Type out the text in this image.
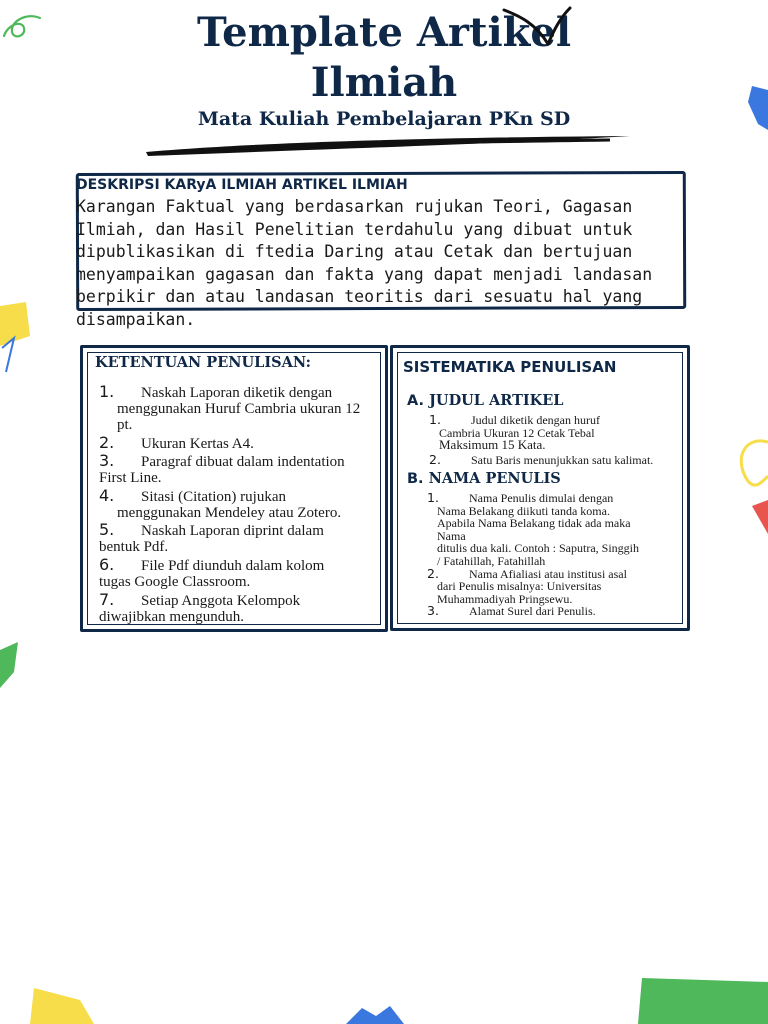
Template Artikel
Ilmiah

Mata Kuliah Pembelajaran PKn SD

DESKRIPSI KARyA ILMIAH ARTIKEL ILMIAH

Karangan Faktual yang berdasarkan rujukan Teori, Gagasan
Ilmiah, dan Hasil Penelitian terdahulu yang dibuat untuk
dipublikasikan di ftedia Daring atau Cetak dan bertujuan
menyampaikan gagasan dan fakta yang dapat menjadi landasan
berpikir dan atau landasan teoritis dari sesuatu hal yang
disampaikan.

KETENTUAN PENULISAN:

1. Naskah Laporan diketik dengan
menggunakan Huruf Cambria ukuran 12
pt.
2. Ukuran Kertas A4.
3. Paragraf dibuat dalam indentation
First Line.
4. Sitasi (Citation) rujukan
menggunakan Mendeley atau Zotero.
5. Naskah Laporan diprint dalam
bentuk Pdf.
6. File Pdf diunduh dalam kolom
tugas Google Classroom.
7. Setiap Anggota Kelompok
diwajibkan mengunduh.

SISTEMATIKA PENULISAN

A. JUDUL ARTIKEL

1.	Judul diketik dengan huruf
Cambria Ukuran 12 Cetak Tebal
Maksimum 15 Kata.
2.	Satu Baris menunjukkan satu kalimat.

B. NAMA PENULIS

1.	Nama Penulis dimulai dengan
Nama Belakang diikuti tanda koma.
Apabila Nama Belakang tidak ada maka
Nama
ditulis dua kali. Contoh : Saputra, Singgih
/ Fatahillah, Fatahillah
2.	Nama Afialiasi atau institusi asal
dari Penulis misalnya: Universitas
Muhammadiyah Pringsewu.
3.	Alamat Surel dari Penulis.
